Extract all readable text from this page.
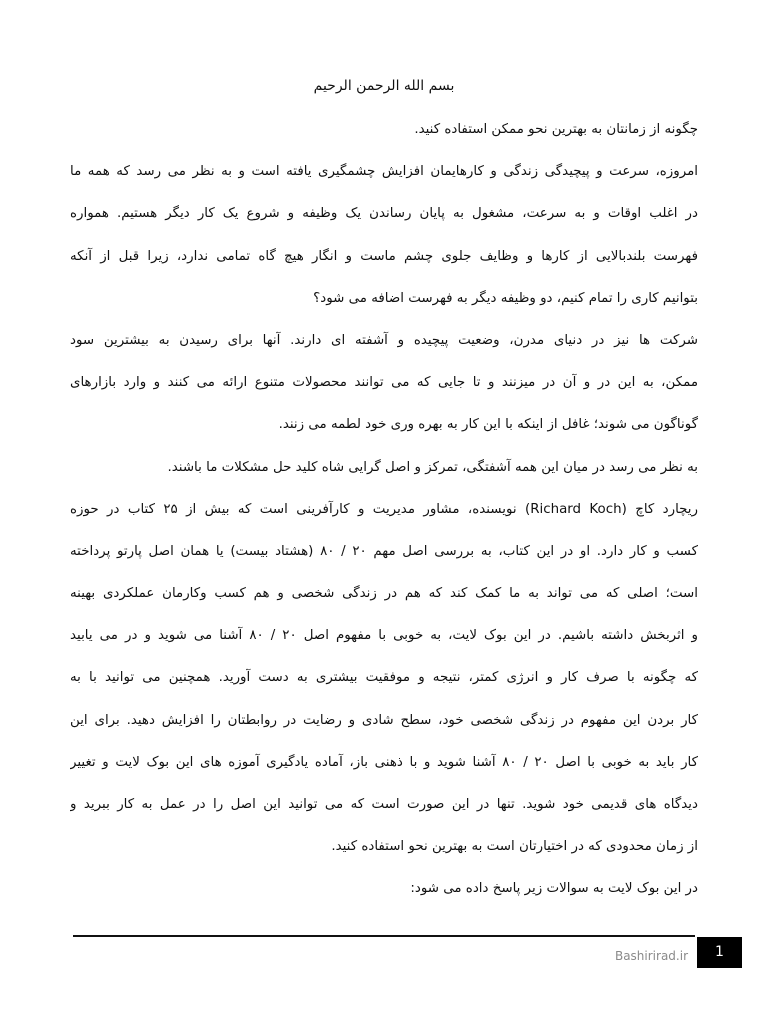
بسم الله الرحمن الرحیم
چگونه از زمانتان به بهترین نحو ممکن استفاده کنید.
امروزه، سرعت و پیچیدگی زندگی و کارهایمان افزایش چشمگیری یافته است و به نظر می رسد که همه ما
در اغلب اوقات و به سرعت، مشغول به پایان رساندن یک وظیفه و شروع یک کار دیگر هستیم. همواره
فهرست بلندبالایی از کارها و وظایف جلوی چشم ماست و انگار هیچ گاه تمامی ندارد، زیرا قبل از آنکه
بتوانیم کاری را تمام کنیم، دو وظیفه دیگر به فهرست اضافه می شود؟
شرکت ها نیز در دنیای مدرن، وضعیت پیچیده و آشفته ای دارند. آنها برای رسیدن به بیشترین سود
ممکن، به این در و آن در میزنند و تا جایی که می توانند محصولات متنوع ارائه می کنند و وارد بازارهای
گوناگون می شوند؛ غافل از اینکه با این کار به بهره وری خود لطمه می زنند.
به نظر می رسد در میان این همه آشفتگی، تمرکز و اصل گرایی شاه کلید حل مشکلات ما باشند.
ریچارد کاچ (Richard Koch) نویسنده، مشاور مدیریت و کارآفرینی است که بیش از ۲۵ کتاب در حوزه
کسب و کار دارد. او در این کتاب، به بررسی اصل مهم ۲۰ / ۸۰ (هشتاد بیست) یا همان اصل پارتو پرداخته
است؛ اصلی که می تواند به ما کمک کند که هم در زندگی شخصی و هم کسب وکارمان عملکردی بهینه
و اثربخش داشته باشیم. در این بوک لایت، به خوبی با مفهوم اصل ۲۰ / ۸۰ آشنا می شوید و در می یابید
که چگونه با صرف کار و انرژی کمتر، نتیجه و موفقیت بیشتری به دست آورید. همچنین می توانید با به
کار بردن این مفهوم در زندگی شخصی خود، سطح شادی و رضایت در روابطتان را افزایش دهید. برای این
کار باید به خوبی با اصل ۲۰ / ۸۰ آشنا شوید و با ذهنی باز، آماده یادگیری آموزه های این بوک لایت و تغییر
دیدگاه های قدیمی خود شوید. تنها در این صورت است که می توانید این اصل را در عمل به کار ببرید و
از زمان محدودی که در اختیارتان است به بهترین نحو استفاده کنید.
در این بوک لایت به سوالات زیر پاسخ داده می شود:
Bashirirad.ir	1
